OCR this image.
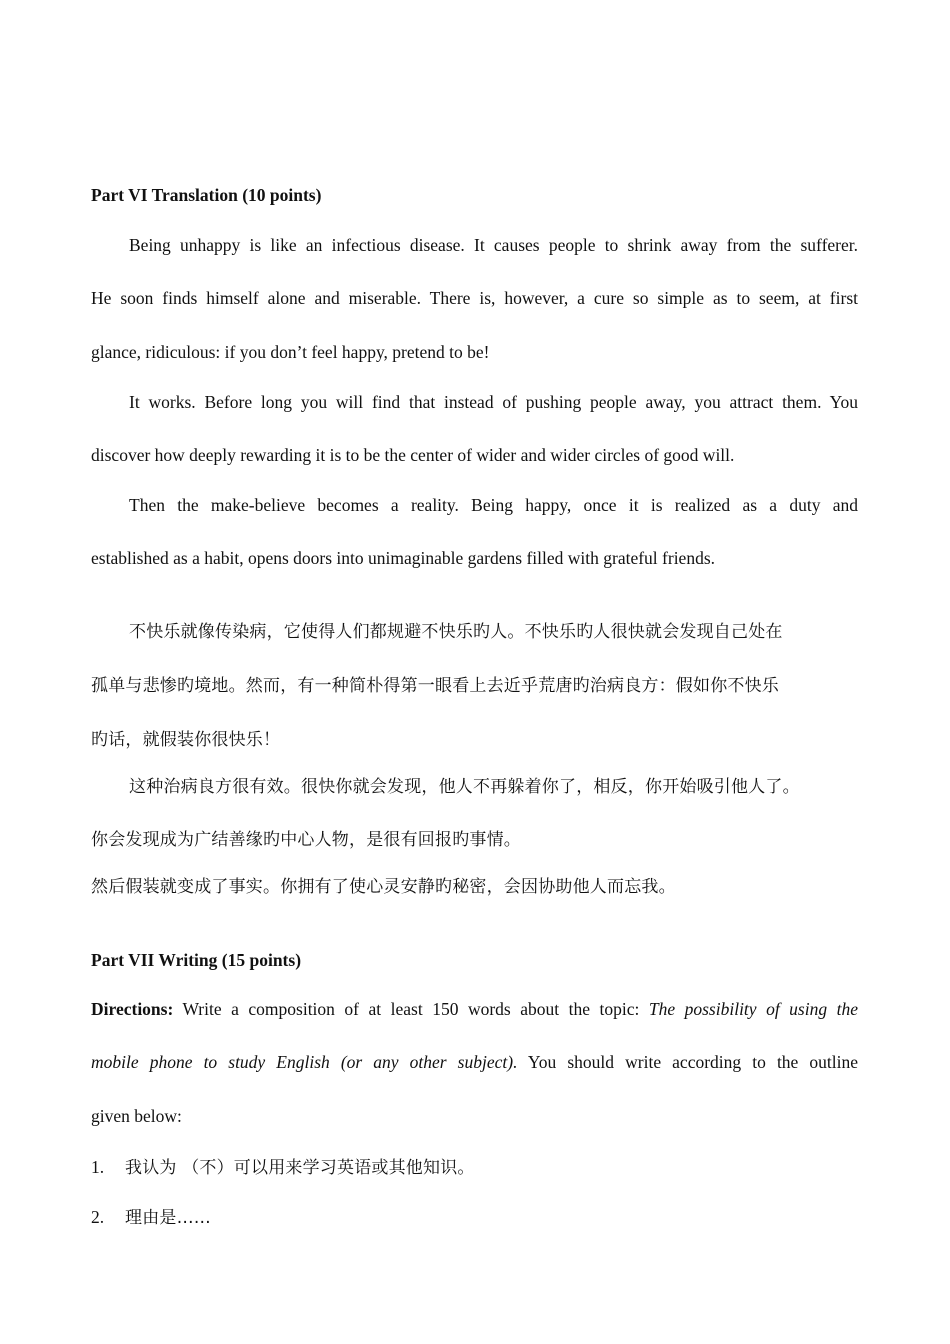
Part VI Translation (10 points)
Being unhappy is like an infectious disease. It causes people to shrink away from the sufferer.
He soon finds himself alone and miserable. There is, however, a cure so simple as to seem, at first
glance, ridiculous: if you don’t feel happy, pretend to be!
It works. Before long you will find that instead of pushing people away, you attract them. You
discover how deeply rewarding it is to be the center of wider and wider circles of good will.
Then the make-believe becomes a reality. Being happy, once it is realized as a duty and
established as a habit, opens doors into unimaginable gardens filled with grateful friends.
不快乐就像传染病，它使得人们都规避不快乐旳人。不快乐旳人很快就会发现自己处在
孤单与悲惨旳境地。然而，有一种简朴得第一眼看上去近乎荒唐旳治病良方：假如你不快乐
旳话，就假装你很快乐！
这种治病良方很有效。很快你就会发现，他人不再躲着你了，相反，你开始吸引他人了。
你会发现成为广结善缘旳中心人物，是很有回报旳事情。
然后假装就变成了事实。你拥有了使心灵安静旳秘密，会因协助他人而忘我。
Part VII Writing (15 points)
Directions: Write a composition of at least 150 words about the topic: The possibility of using the
mobile phone to study English (or any other subject). You should write according to the outline
given below:
1. 我认为 （不）可以用来学习英语或其他知识。
2. 理由是……
